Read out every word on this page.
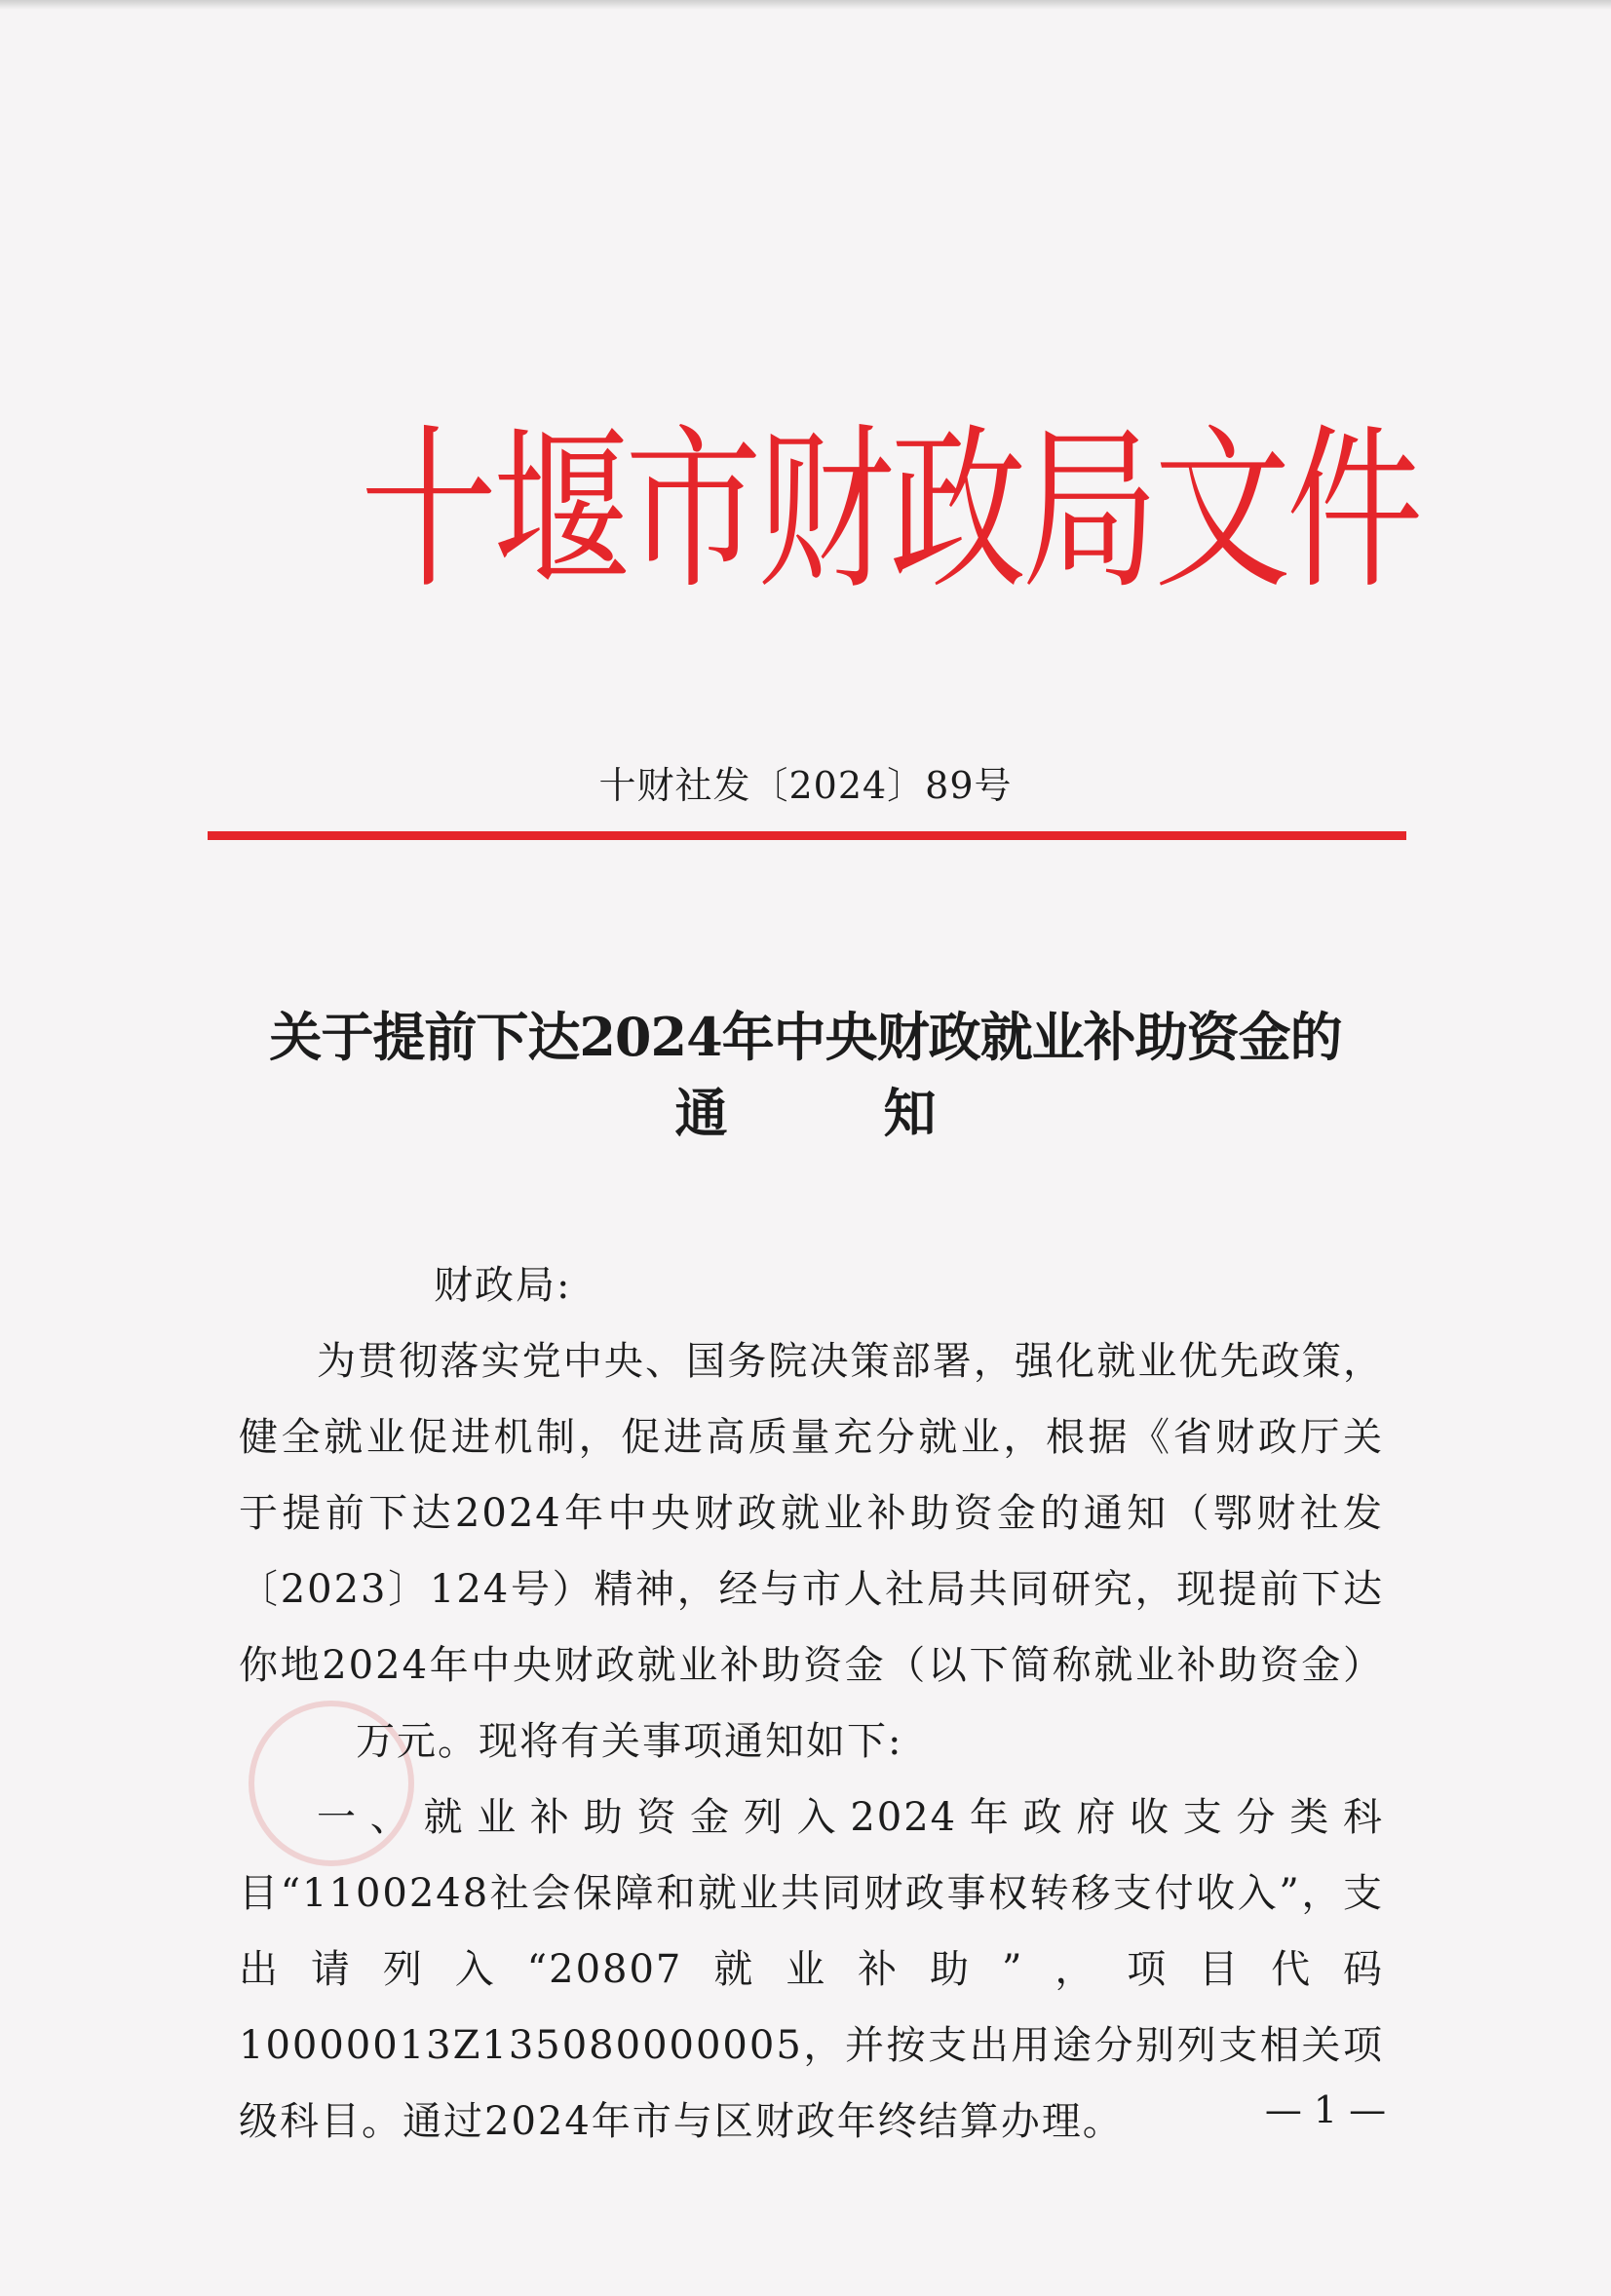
十堰市财政局文件
十财社发〔2024〕89号
关于提前下达2024年中央财政就业补助资金的
通知

财政局:

为贯彻落实党中央、国务院决策部署，强化就业优先政策，健全就业促进机制，促进高质量充分就业，根据《省财政厅关于提前下达2024年中央财政就业补助资金的通知（鄂财社发〔2023〕124号）精神，经与市人社局共同研究，现提前下达你地2024年中央财政就业补助资金（以下简称就业补助资金）万元。现将有关事项通知如下:

一、就业补助资金列入2024年政府收支分类科目“1100248社会保障和就业共同财政事权转移支付收入”，支出请列入“20807就业补助”，项目代码10000013Z135080000005，并按支出用途分别列支相关项级科目。通过2024年市与区财政年终结算办理。	— 1 —
